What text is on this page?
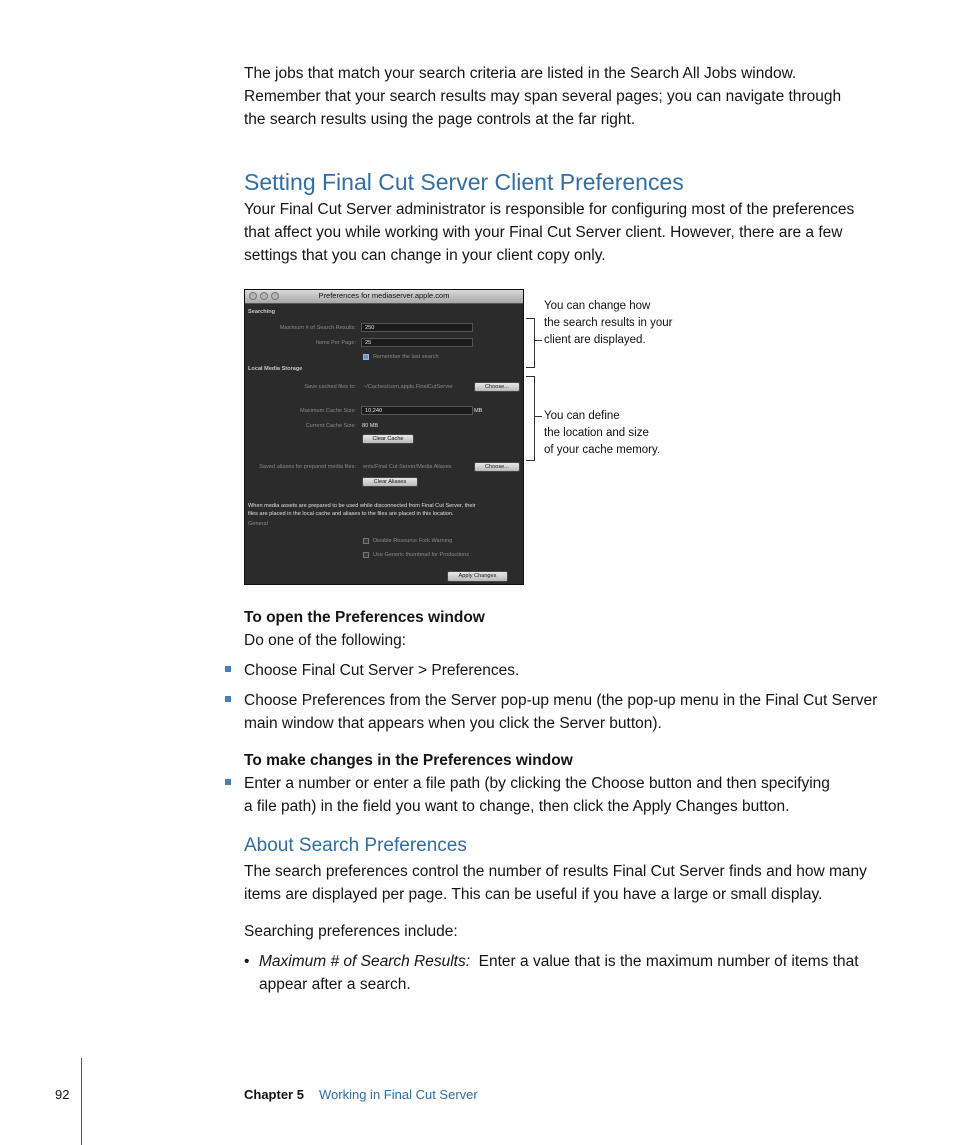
The jobs that match your search criteria are listed in the Search All Jobs window.
Remember that your search results may span several pages; you can navigate through
the search results using the page controls at the far right.
Setting Final Cut Server Client Preferences
Your Final Cut Server administrator is responsible for configuring most of the preferences
that affect you while working with your Final Cut Server client. However, there are a few
settings that you can change in your client copy only.
Preferences for mediaserver.apple.com
Searching
Maximum # of Search Results: 250
Items Per Page: 25
Remember the last search
Local Media Storage
Save cached files to: ~/Caches/com.apple.FinalCutServer	Choose...
Maximum Cache Size: 10,240	MB
Current Cache Size: 80 MB
Clear Cache
Saved aliases for prepared media files: ents/Final Cut Server/Media Aliases	Choose...
Clear Aliases
When media assets are prepared to be used while disconnected from Final Cut Server, their
files are placed in the local cache and aliases to the files are placed in this location.
General
Disable Resource Fork Warning
Use Generic thumbnail for Productions
Apply Changes
You can change how
the search results in your
client are displayed.
You can define
the location and size
of your cache memory.
To open the Preferences window
Do one of the following:
Choose Final Cut Server > Preferences.
Choose Preferences from the Server pop-up menu (the pop-up menu in the Final Cut Server
main window that appears when you click the Server button).
To make changes in the Preferences window
Enter a number or enter a file path (by clicking the Choose button and then specifying
a file path) in the field you want to change, then click the Apply Changes button.
About Search Preferences
The search preferences control the number of results Final Cut Server finds and how many
items are displayed per page. This can be useful if you have a large or small display.
Searching preferences include:
• Maximum # of Search Results: Enter a value that is the maximum number of items that
appear after a search.
92	Chapter 5 Working in Final Cut Server
